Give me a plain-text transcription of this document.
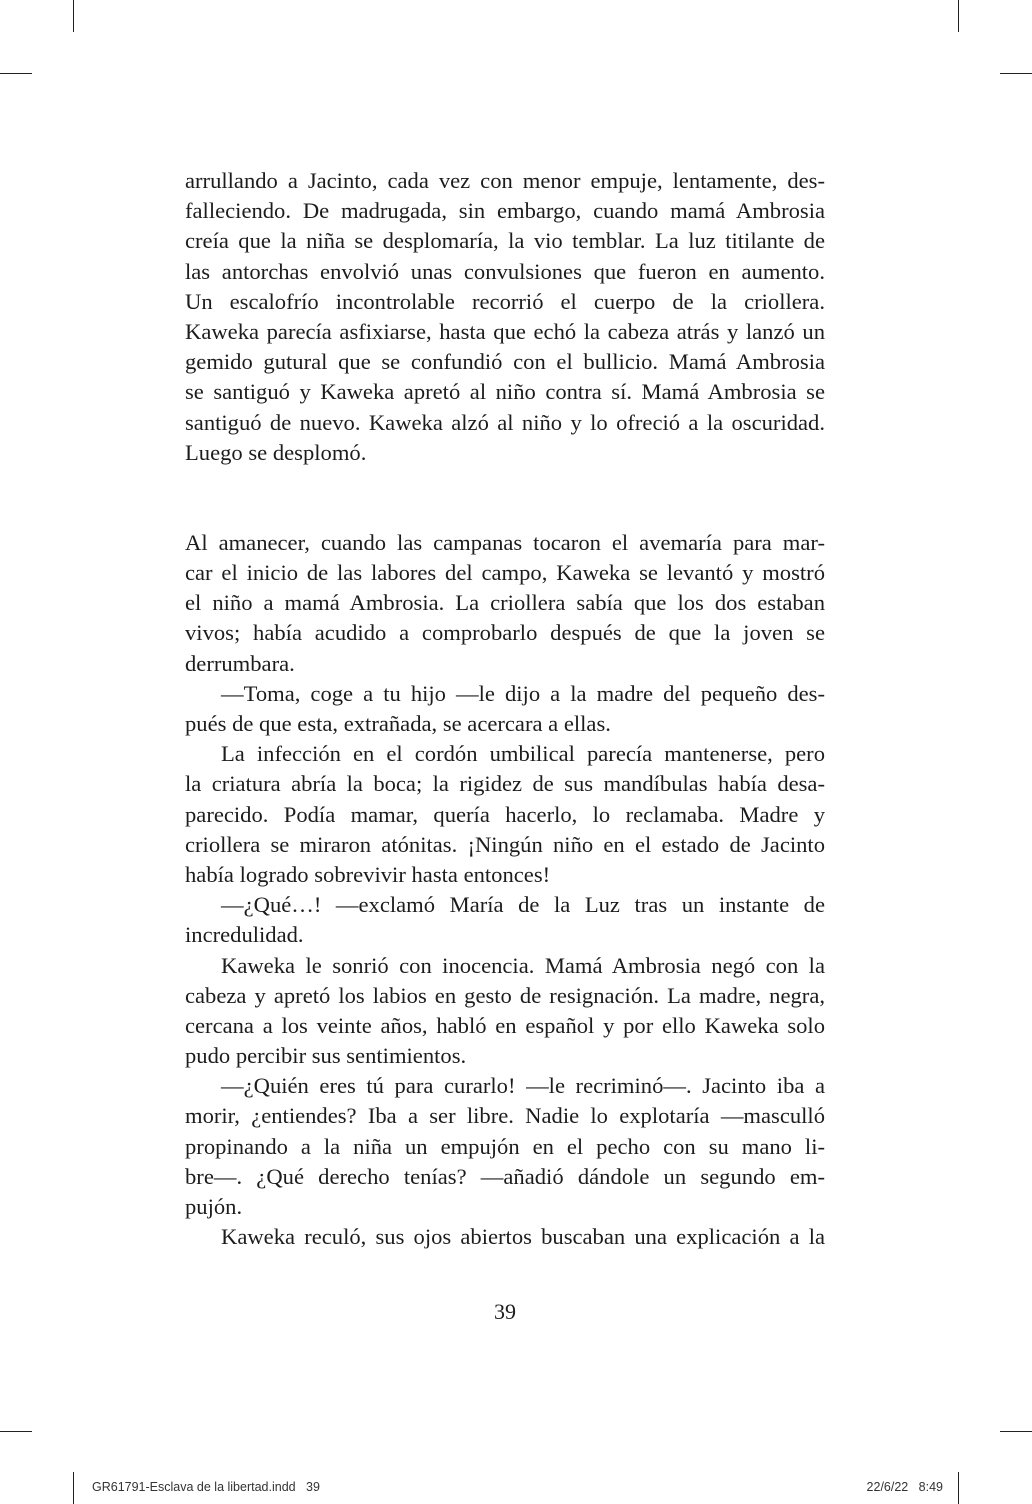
arrullando a Jacinto, cada vez con menor empuje, lentamente, des-
falleciendo. De madrugada, sin embargo, cuando mamá Ambrosia
creía que la niña se desplomaría, la vio temblar. La luz titilante de
las antorchas envolvió unas convulsiones que fueron en aumento.
Un escalofrío incontrolable recorrió el cuerpo de la criollera.
Kaweka parecía asfixiarse, hasta que echó la cabeza atrás y lanzó un
gemido gutural que se confundió con el bullicio. Mamá Ambrosia
se santiguó y Kaweka apretó al niño contra sí. Mamá Ambrosia se
santiguó de nuevo. Kaweka alzó al niño y lo ofreció a la oscuridad.
Luego se desplomó.
Al amanecer, cuando las campanas tocaron el avemaría para mar-
car el inicio de las labores del campo, Kaweka se levantó y mostró
el niño a mamá Ambrosia. La criollera sabía que los dos estaban
vivos; había acudido a comprobarlo después de que la joven se
derrumbara.
—Toma, coge a tu hijo —le dijo a la madre del pequeño des-
pués de que esta, extrañada, se acercara a ellas.
La infección en el cordón umbilical parecía mantenerse, pero
la criatura abría la boca; la rigidez de sus mandíbulas había desa-
parecido. Podía mamar, quería hacerlo, lo reclamaba. Madre y
criollera se miraron atónitas. ¡Ningún niño en el estado de Jacinto
había logrado sobrevivir hasta entonces!
—¿Qué…! —exclamó María de la Luz tras un instante de
incredulidad.
Kaweka le sonrió con inocencia. Mamá Ambrosia negó con la
cabeza y apretó los labios en gesto de resignación. La madre, negra,
cercana a los veinte años, habló en español y por ello Kaweka solo
pudo percibir sus sentimientos.
—¿Quién eres tú para curarlo! —le recriminó—. Jacinto iba a
morir, ¿entiendes? Iba a ser libre. Nadie lo explotaría —masculló
propinando a la niña un empujón en el pecho con su mano li-
bre—. ¿Qué derecho tenías? —añadió dándole un segundo em-
pujón.
Kaweka reculó, sus ojos abiertos buscaban una explicación a la
39
GR61791-Esclava de la libertad.indd   39	22/6/22   8:49
